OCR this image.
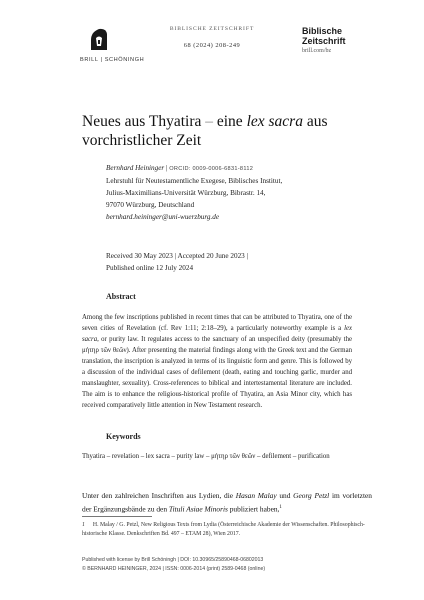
BRILL | SCHÖNINGH
BIBLISCHE ZEITSCHRIFT
68 (2024) 208-249
Biblische
Zeitschrift
brill.com/bz
Neues aus Thyatira – eine lex sacra aus vorchristlicher Zeit
Bernhard Heininger | ORCID: 0009-0006-6831-8112
Lehrstuhl für Neutestamentliche Exegese, Biblisches Institut,
Julius-Maximilians-Universität Würzburg, Bibrastr. 14,
97070 Würzburg, Deutschland
bernhard.heininger@uni-wuerzburg.de
Received 30 May 2023 | Accepted 20 June 2023 |
Published online 12 July 2024
Abstract
Among the few inscriptions published in recent times that can be attributed to Thyatira, one of the seven cities of Revelation (cf. Rev 1:11; 2:18–29), a particularly noteworthy example is a lex sacra, or purity law. It regulates access to the sanctuary of an unspecified deity (presumably the μήτηρ τῶν θεῶν). After presenting the material findings along with the Greek text and the German translation, the inscription is analyzed in terms of its linguistic form and genre. This is followed by a discussion of the individual cases of defilement (death, eating and touching garlic, murder and manslaughter, sexuality). Cross-references to biblical and intertestamental literature are included. The aim is to enhance the religious-historical profile of Thyatira, an Asia Minor city, which has received comparatively little attention in New Testament research.
Keywords
Thyatira – revelation – lex sacra – purity law – μήτηρ τῶν θεῶν – defilement – purification
Unter den zahlreichen Inschriften aus Lydien, die Hasan Malay und Georg Petzl im vorletzten der Ergänzungsbände zu den Tituli Asiae Minoris publiziert haben,$^1$
1 H. Malay / G. Petzl, New Religious Texts from Lydia (Österreichische Akademie der Wissenschaften. Philosophisch-historische Klasse. Denkschriften Bd. 497 – ETAM 28), Wien 2017.
Published with license by Brill Schöningh | DOI: 10.30965/25890468-06802013
© BERNHARD HEININGER, 2024 | ISSN: 0006-2014 (print) 2589-0468 (online)
